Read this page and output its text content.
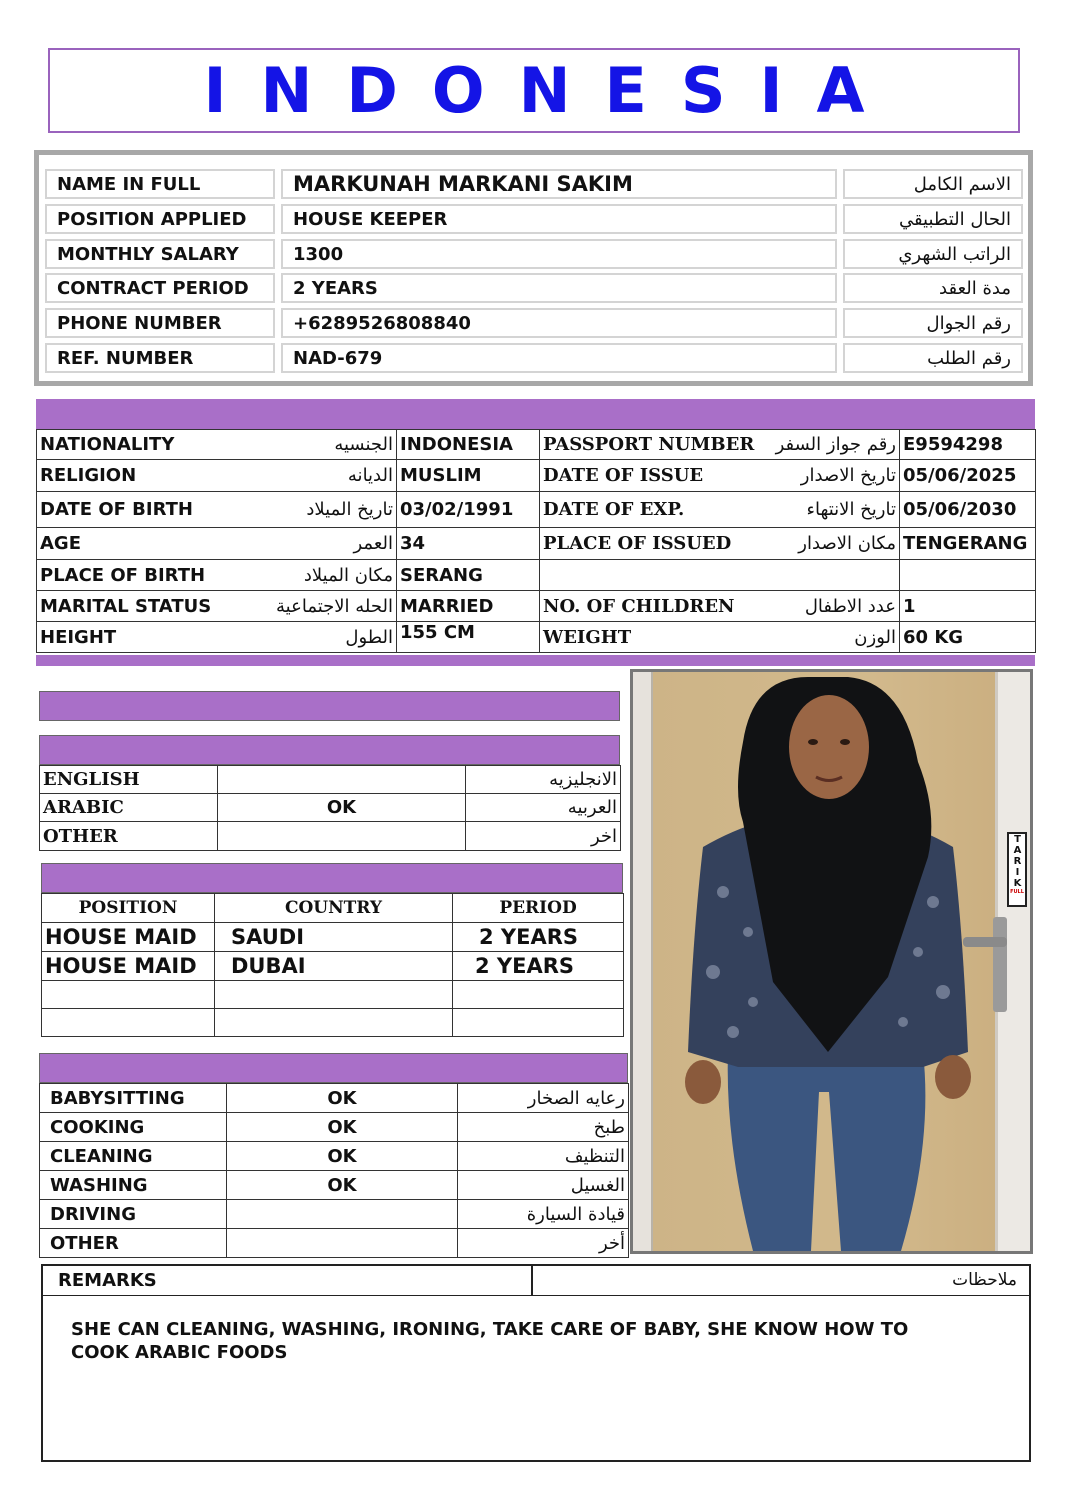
INDONESIA
NAME IN FULL	MARKUNAH MARKANI SAKIM	الاسم الكامل
POSITION APPLIED	HOUSE KEEPER	الحال التطبيقي
MONTHLY SALARY	1300	الراتب الشهري
CONTRACT PERIOD	2 YEARS	مدة العقد
PHONE NUMBER	+6289526808840	رقم الجوال
REF. NUMBER	NAD-679	رقم الطلب
NATIONALITY الجنسيه	INDONESIA	PASSPORT NUMBER رقم جواز السفر	E9594298

RELIGION الديانه	MUSLIM	DATE OF ISSUE تاريخ الاصدار	05/06/2025

DATE OF BIRTH تاريخ الميلاد	03/02/1991	DATE OF EXP. تاريخ الانتهاء	05/06/2030

AGE العمر	34	PLACE OF ISSUED مكان الاصدار	TENGERANG

PLACE OF BIRTH مكان الميلاد	SERANG	

MARITAL STATUS الحله الاجتماعية	MARRIED	NO. OF CHILDREN عدد الاطفال	1

HEIGHT الطول	155 CM	WEIGHT الوزن	60 KG
ENGLISH		الانجليزيه
ARABIC	OK	العربيه
OTHER		اخر
POSITION	COUNTRY	PERIOD
HOUSE MAID	SAUDI	2 YEARS
HOUSE MAID	DUBAI	2 YEARS

BABYSITTING	OK	رعايه الصخار
COOKING	OK	طبخ
CLEANING	OK	التنظيف
WASHING	OK	الغسيل
DRIVING		قيادة السيارة
OTHER		أخر
TARIK
FULL
REMARKS	ملاحظات
SHE CAN CLEANING, WASHING, IRONING, TAKE CARE OF BABY, SHE KNOW HOW TO
COOK ARABIC FOODS
